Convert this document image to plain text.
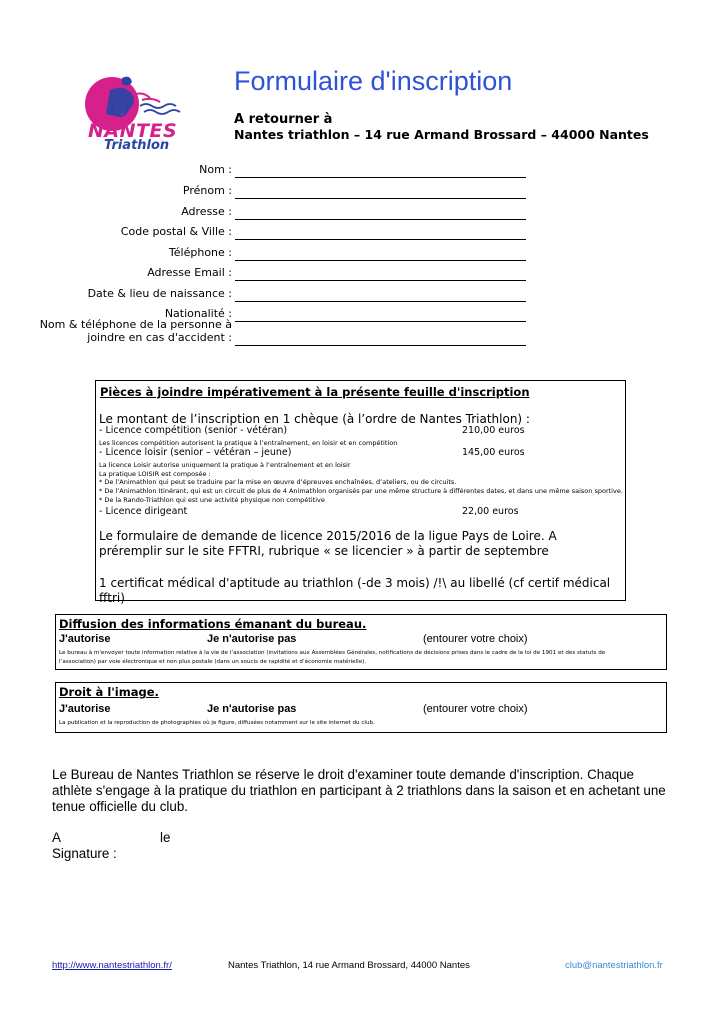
NANTES
Triathlon
Formulaire d'inscription
A retourner à
Nantes triathlon – 14 rue Armand Brossard – 44000 Nantes
Nom :
Prénom :
Adresse :
Code postal & Ville :
Téléphone :
Adresse Email :
Date & lieu de naissance :
Nationalité :
Nom & téléphone de la personne à
joindre en cas d'accident :
Pièces à joindre impérativement à la présente feuille d'inscription
Le montant de l’inscription en 1 chèque (à l’ordre de Nantes Triathlon) :
- Licence compétition (senior - vétéran)	210,00 euros
Les licences compétition autorisent la pratique à l’entraînement, en loisir et en compétition
- Licence loisir (senior – vétéran – jeune)	145,00 euros
La licence Loisir autorise uniquement la pratique à l’entraînement et en loisir
La pratique LOISIR est composée :
* De l’Animathlon qui peut se traduire par la mise en œuvre d’épreuves enchaînées, d’ateliers, ou de circuits.
* De l’Animathlon Itinérant, qui est un circuit de plus de 4 Animathlon organisés par une même structure à différentes dates, et dans une même saison sportive.
* De la Rando-Triathlon qui est une activité physique non compétitive
- Licence dirigeant	22,00 euros
Le formulaire de demande de licence 2015/2016 de la ligue Pays de Loire. A préremplir sur le site FFTRI, rubrique « se licencier » à partir de septembre
1 certificat médical d'aptitude au triathlon (-de 3 mois) /!\ au libellé (cf certif médical fftri)
Diffusion des informations émanant du bureau.
J'autorise	Je n'autorise pas	(entourer votre choix)
Le bureau à m'envoyer toute information relative à la vie de l’association (invitations aux Assemblées Générales, notifications de décisions prises dans le cadre de la loi de 1901 et des statuts de
l’association) par voie électronique et non plus postale (dans un soucis de rapidité et d’économie matérielle).
Droit à l'image.
J'autorise	Je n'autorise pas	(entourer votre choix)
La publication et la reproduction de photographies où je figure, diffusées notamment sur le site internet du club.
Le Bureau de Nantes Triathlon se réserve le droit d'examiner toute demande d'inscription. Chaque athlète s'engage à la pratique du triathlon en participant à 2 triathlons dans la saison et en achetant une tenue officielle du club.
A	le
Signature :
http://www.nantestriathlon.fr/	Nantes Triathlon, 14 rue Armand Brossard, 44000 Nantes	club@nantestriathlon.fr
